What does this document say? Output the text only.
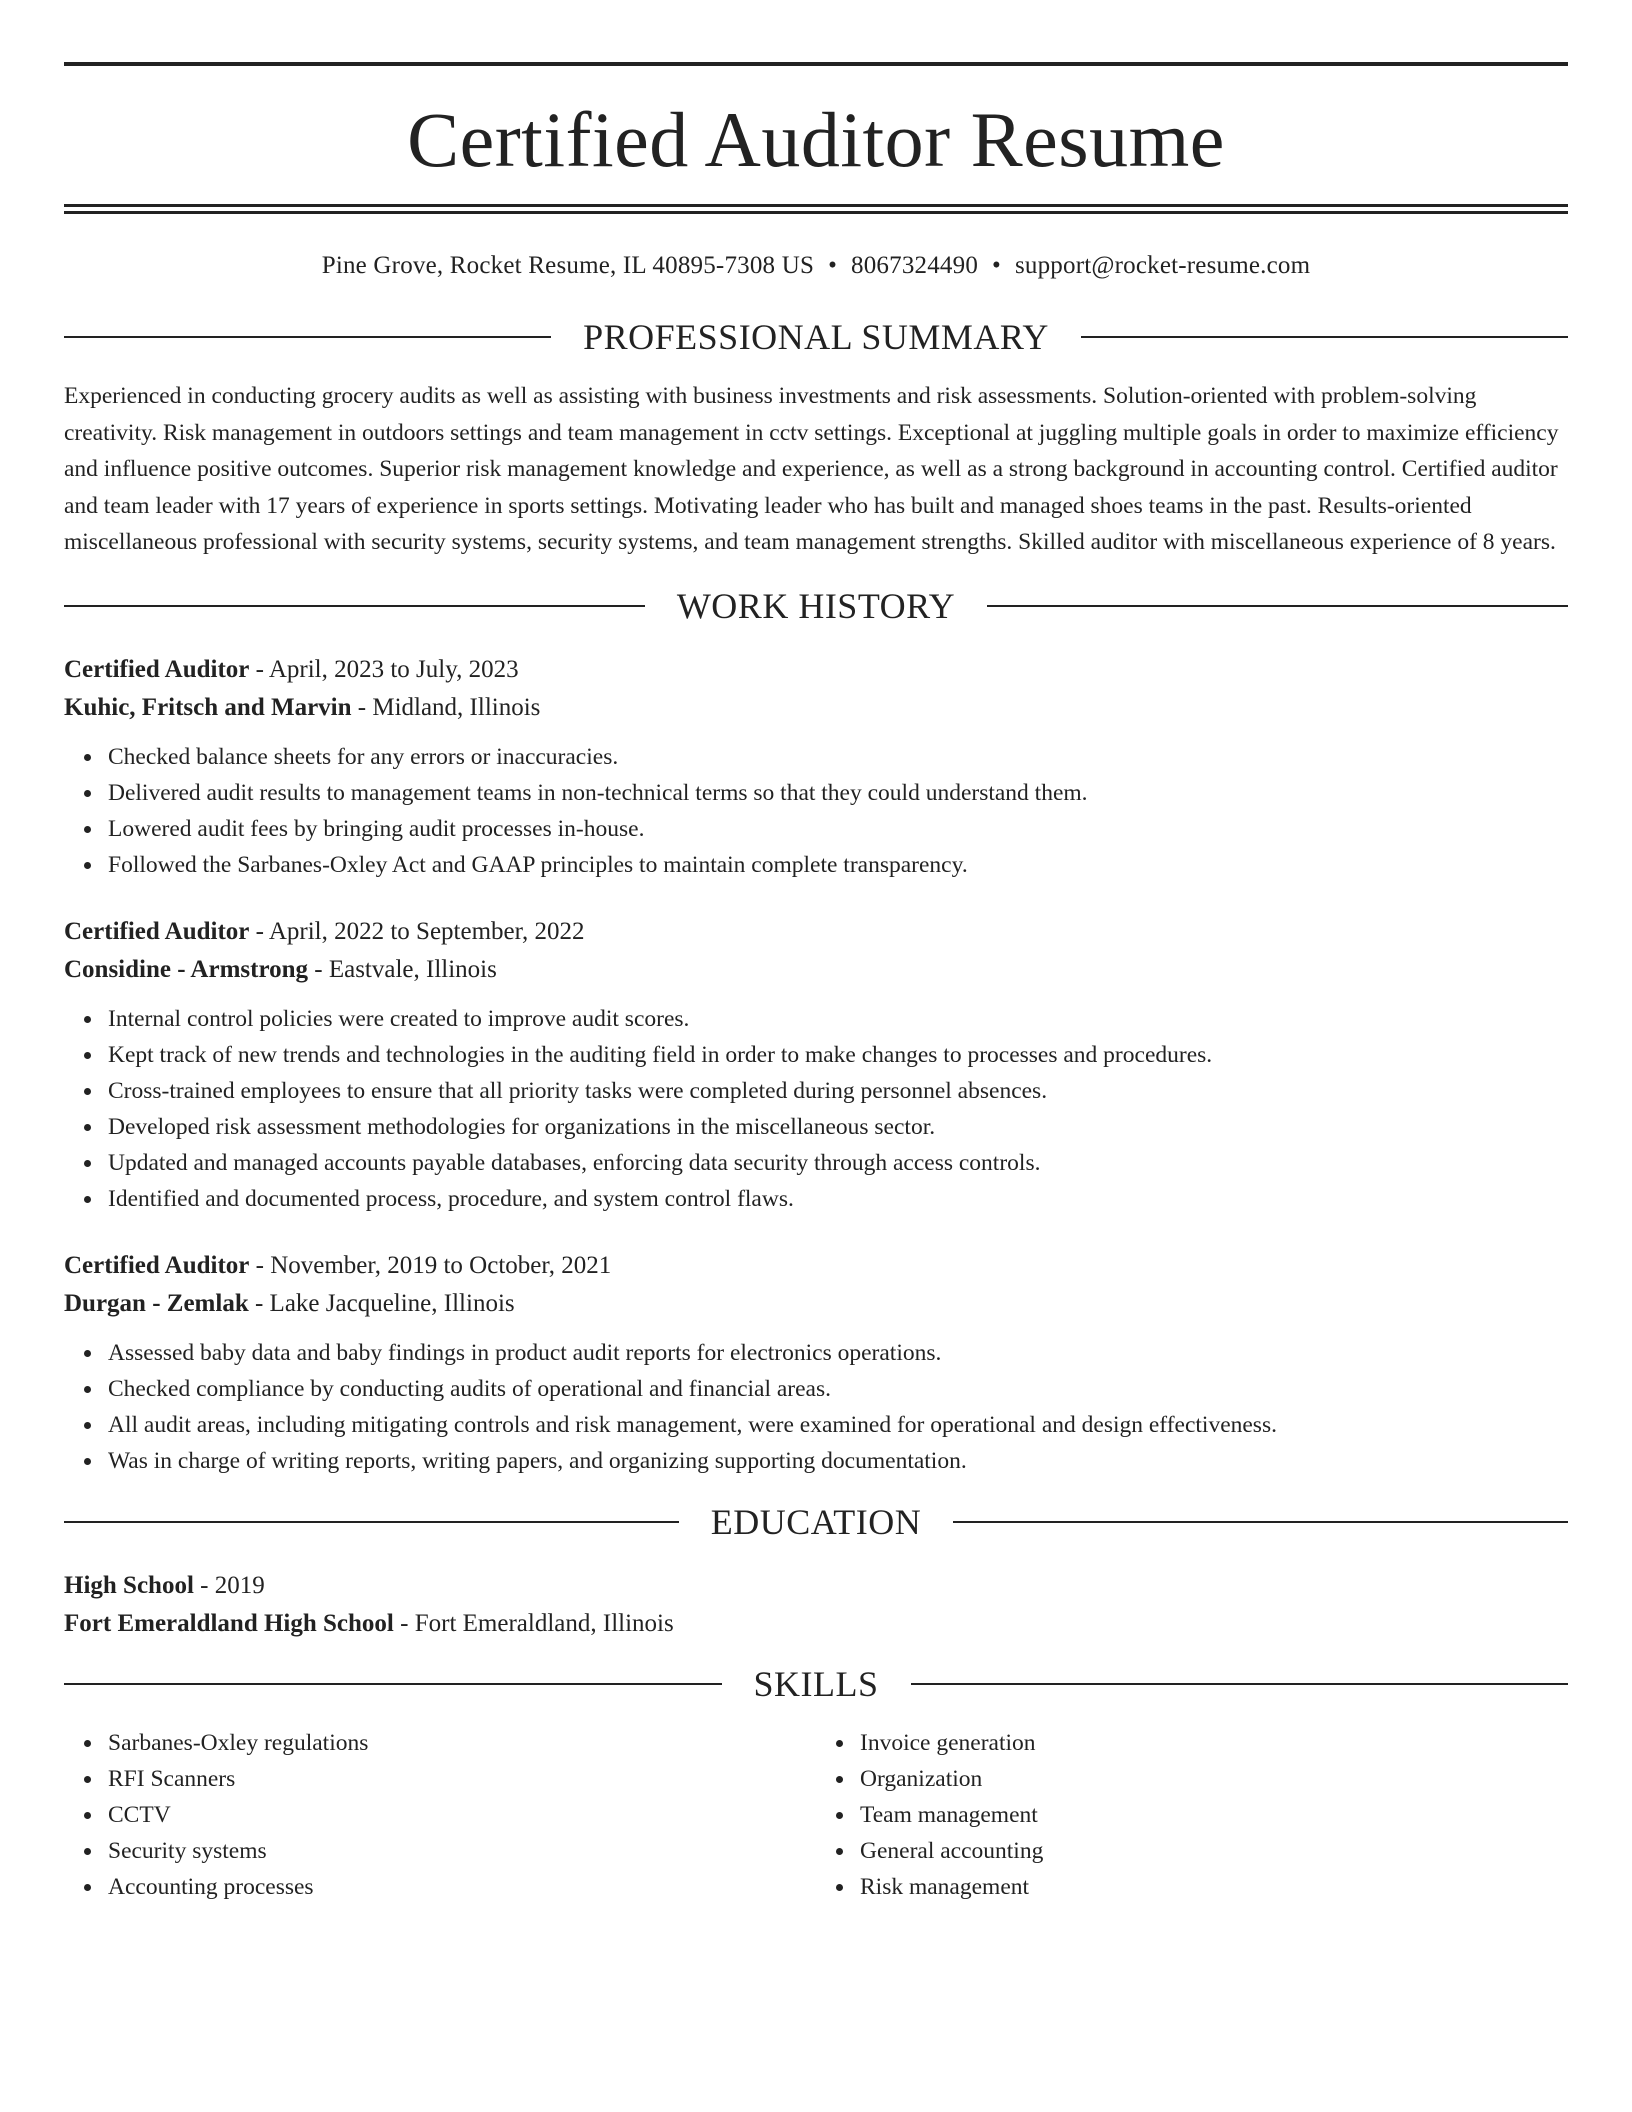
Certified Auditor Resume
Pine Grove, Rocket Resume, IL 40895-7308 US • 8067324490 • support@rocket-resume.com
PROFESSIONAL SUMMARY

Experienced in conducting grocery audits as well as assisting with business investments and risk assessments. Solution-oriented with problem-solving creativity. Risk management in outdoors settings and team management in cctv settings. Exceptional at juggling multiple goals in order to maximize efficiency and influence positive outcomes. Superior risk management knowledge and experience, as well as a strong background in accounting control. Certified auditor and team leader with 17 years of experience in sports settings. Motivating leader who has built and managed shoes teams in the past. Results-oriented miscellaneous professional with security systems, security systems, and team management strengths. Skilled auditor with miscellaneous experience of 8 years.

WORK HISTORY
Certified Auditor - April, 2023 to July, 2023
Kuhic, Fritsch and Marvin - Midland, Illinois
Checked balance sheets for any errors or inaccuracies.
Delivered audit results to management teams in non-technical terms so that they could understand them.
Lowered audit fees by bringing audit processes in-house.
Followed the Sarbanes-Oxley Act and GAAP principles to maintain complete transparency.
Certified Auditor - April, 2022 to September, 2022
Considine - Armstrong - Eastvale, Illinois
Internal control policies were created to improve audit scores.
Kept track of new trends and technologies in the auditing field in order to make changes to processes and procedures.
Cross-trained employees to ensure that all priority tasks were completed during personnel absences.
Developed risk assessment methodologies for organizations in the miscellaneous sector.
Updated and managed accounts payable databases, enforcing data security through access controls.
Identified and documented process, procedure, and system control flaws.
Certified Auditor - November, 2019 to October, 2021
Durgan - Zemlak - Lake Jacqueline, Illinois
Assessed baby data and baby findings in product audit reports for electronics operations.
Checked compliance by conducting audits of operational and financial areas.
All audit areas, including mitigating controls and risk management, were examined for operational and design effectiveness.
Was in charge of writing reports, writing papers, and organizing supporting documentation.
EDUCATION
High School - 2019
Fort Emeraldland High School - Fort Emeraldland, Illinois
SKILLS
Sarbanes-Oxley regulations
RFI Scanners
CCTV
Security systems
Accounting processes
Invoice generation
Organization
Team management
General accounting
Risk management
